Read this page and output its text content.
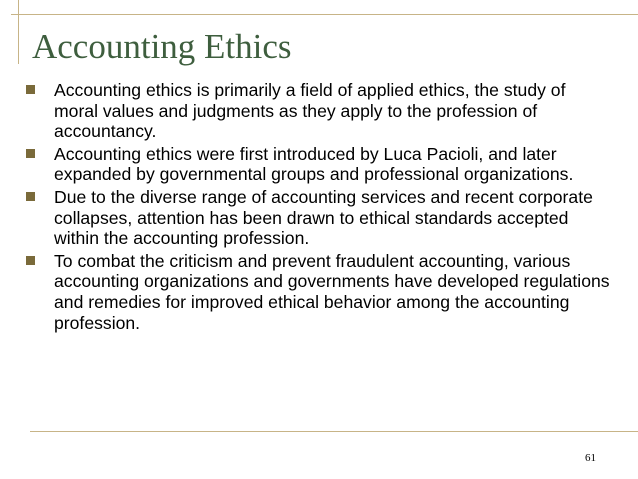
Accounting Ethics
Accounting ethics is primarily a field of applied ethics, the study of moral values and judgments as they apply to the profession of accountancy.
Accounting ethics were first introduced by Luca Pacioli, and later expanded by governmental groups and professional organizations.
Due to the diverse range of accounting services and recent corporate collapses, attention has been drawn to ethical standards accepted within the accounting profession.
To combat the criticism and prevent fraudulent accounting, various accounting organizations and governments have developed regulations and remedies for improved ethical behavior among the accounting profession.
61
